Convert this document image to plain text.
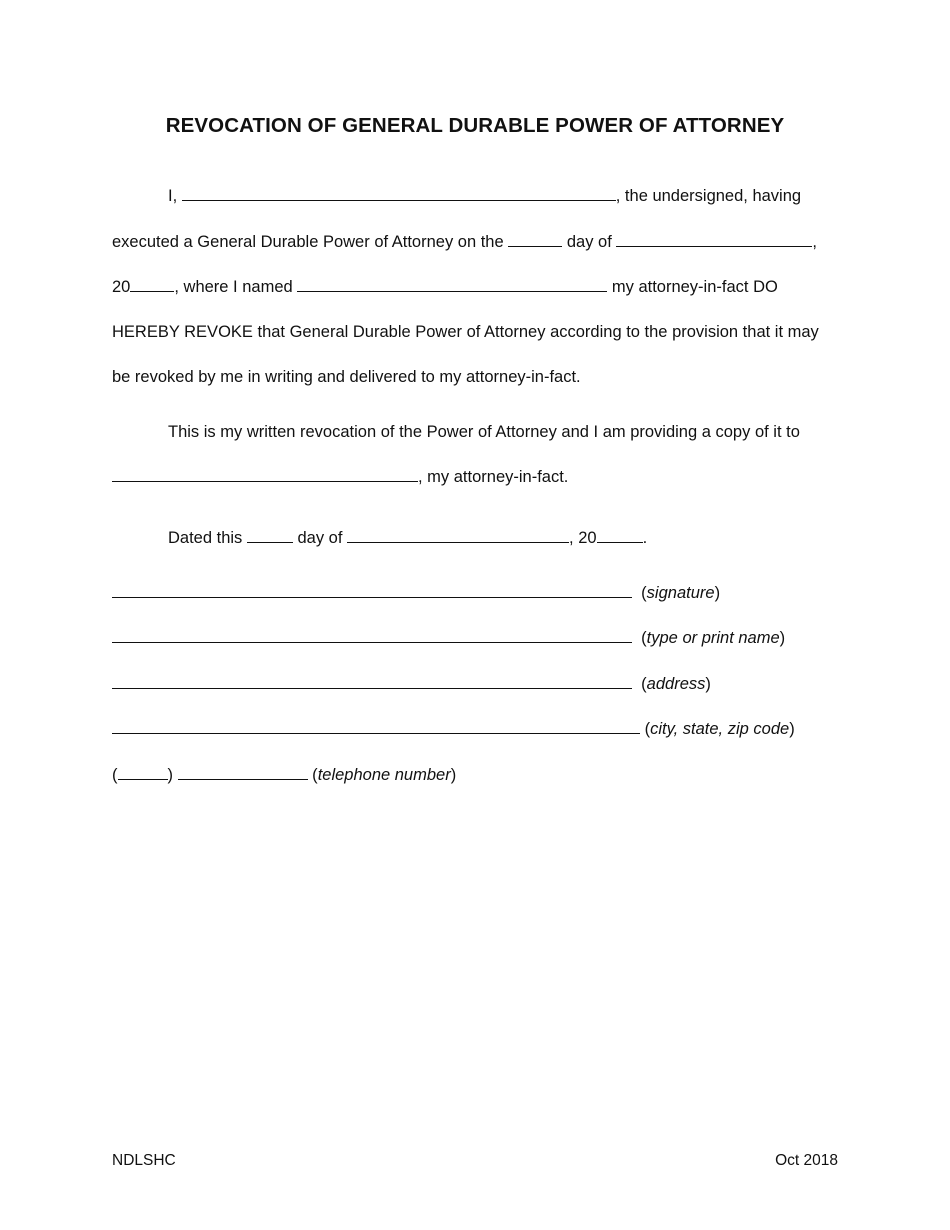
REVOCATION OF GENERAL DURABLE POWER OF ATTORNEY
I,	, the undersigned, having
executed a General Durable Power of Attorney on the	day of	,
20	, where I named	my attorney-in-fact DO
HEREBY REVOKE that General Durable Power of Attorney according to the provision that it may
be revoked by me in writing and delivered to my attorney-in-fact.
This is my written revocation of the Power of Attorney and I am providing a copy of it to
, my attorney-in-fact.
Dated this	day of	, 20	.
(signature)
(type or print name)
(address)
(city, state, zip code)
(	)	(telephone number)
NDLSHC	Oct 2018
